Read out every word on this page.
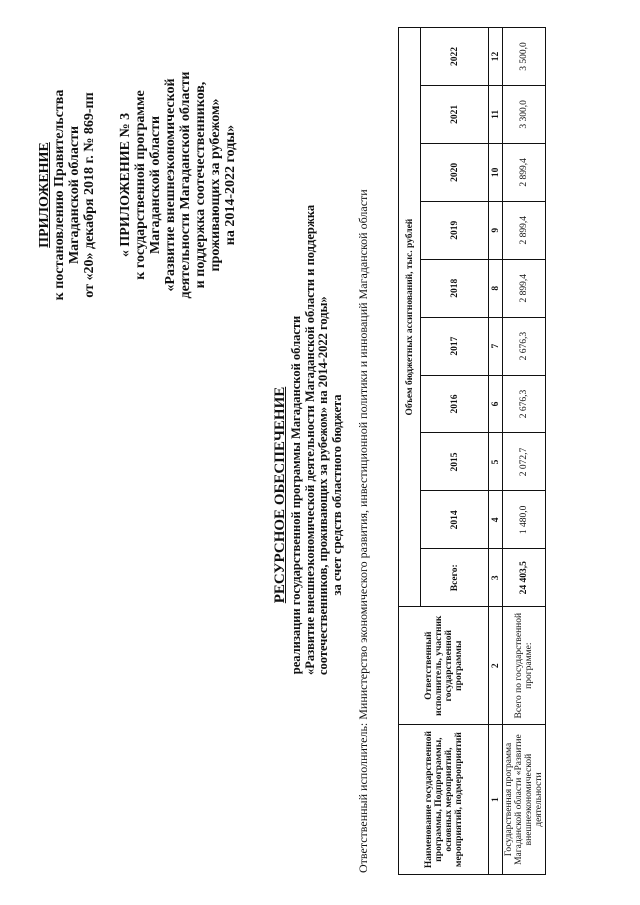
ПРИЛОЖЕНИЕ к постановлению Правительства Магаданской области от «20» декабря 2018 г. № 869-пп « ПРИЛОЖЕНИЕ № 3 к государственной программе Магаданской области «Развитие внешнеэкономической деятельности Магаданской области и поддержка соотечественников, проживающих за рубежом» на 2014-2022 годы»
РЕСУРСНОЕ ОБЕСПЕЧЕНИЕ реализации государственной программы Магаданской области «Развитие внешнеэкономической деятельности Магаданской области и поддержка соотечественников, проживающих за рубежом» на 2014-2022 годы» за счет средств областного бюджета Ответственный исполнитель: Министерство экономического развития, инвестиционной политики и инноваций Магаданской области	Наименование государственной программы, Подпрограммы, основных мероприятий, мероприятий, подмероприятий	Ответственный исполнитель, участник государственной программы	Объем бюджетных ассигнований, тыс. рублей									
		Всего:	2014	2015	2016	2017	2018	2019	2020	2021	2022
1	2	3	4	5	6	7	8	9	10	11	12
Государственная программа Магаданской области «Развитие внешнеэкономической деятельности	Всего по государственной программе:	24 403,5	1 480,0	2 072,7	2 676,3	2 676,3	2 899,4	2 899,4	2 899,4	3 300,0	3 500,0
